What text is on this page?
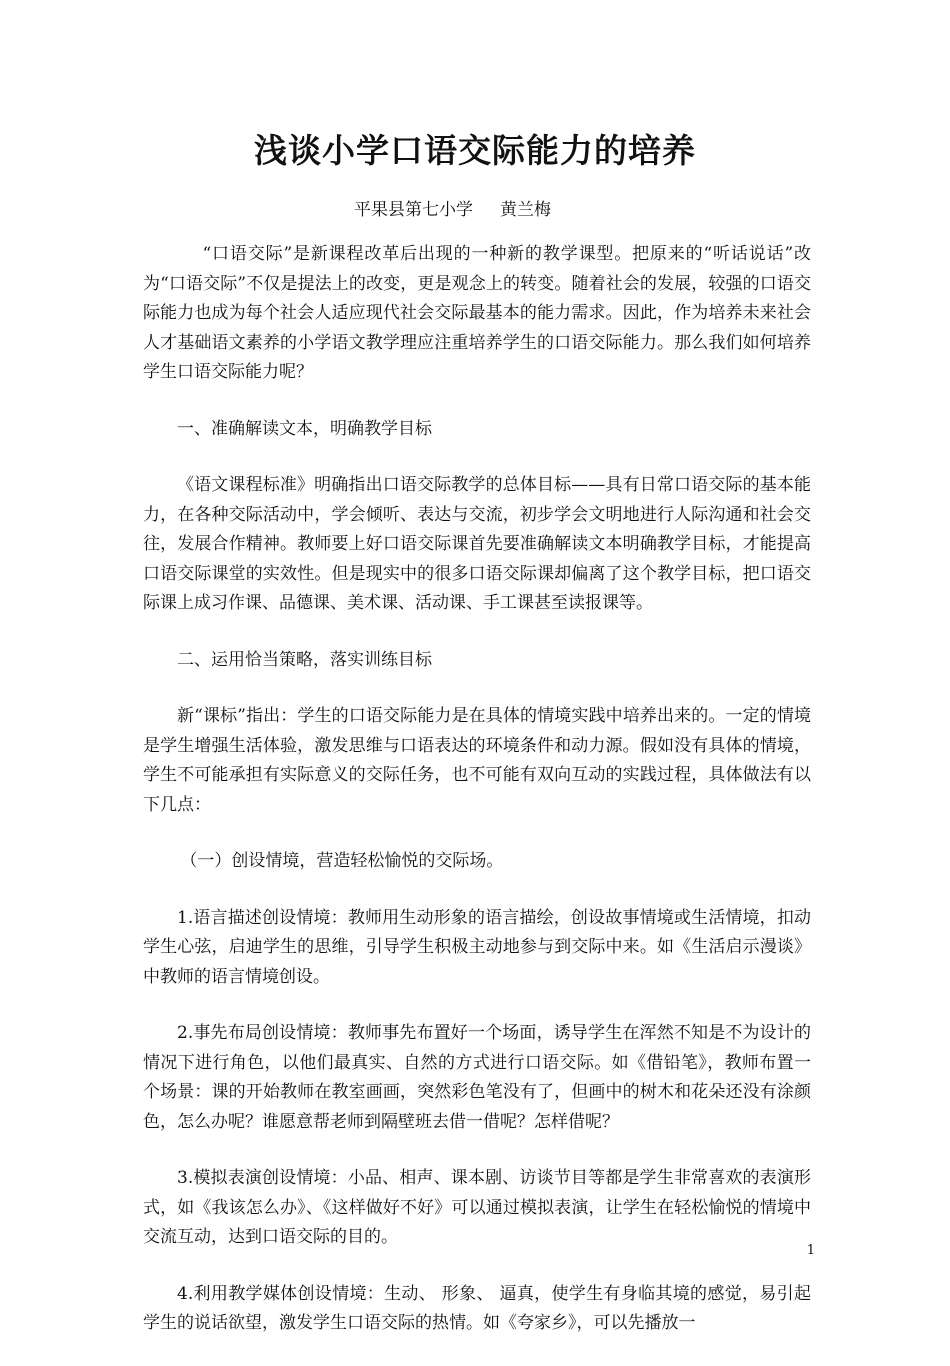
浅谈小学口语交际能力的培养
平果县第七小学     黄兰梅

“口语交际”是新课程改革后出现的一种新的教学课型。把原来的“听话说话”改为“口语交际”不仅是提法上的改变，更是观念上的转变。随着社会的发展，较强的口语交际能力也成为每个社会人适应现代社会交际最基本的能力需求。因此，作为培养未来社会人才基础语文素养的小学语文教学理应注重培养学生的口语交际能力。那么我们如何培养学生口语交际能力呢？

一、准确解读文本，明确教学目标

《语文课程标准》明确指出口语交际教学的总体目标——具有日常口语交际的基本能力，在各种交际活动中，学会倾听、表达与交流，初步学会文明地进行人际沟通和社会交往，发展合作精神。教师要上好口语交际课首先要准确解读文本明确教学目标，才能提高口语交际课堂的实效性。但是现实中的很多口语交际课却偏离了这个教学目标，把口语交际课上成习作课、品德课、美术课、活动课、手工课甚至读报课等。

二、运用恰当策略，落实训练目标

新“课标”指出：学生的口语交际能力是在具体的情境实践中培养出来的。一定的情境是学生增强生活体验，激发思维与口语表达的环境条件和动力源。假如没有具体的情境，学生不可能承担有实际意义的交际任务，也不可能有双向互动的实践过程，具体做法有以下几点：

（一）创设情境，营造轻松愉悦的交际场。

1.语言描述创设情境：教师用生动形象的语言描绘，创设故事情境或生活情境，扣动学生心弦，启迪学生的思维，引导学生积极主动地参与到交际中来。如《生活启示漫谈》中教师的语言情境创设。

2.事先布局创设情境：教师事先布置好一个场面，诱导学生在浑然不知是不为设计的情况下进行角色，以他们最真实、自然的方式进行口语交际。如《借铅笔》，教师布置一个场景：课的开始教师在教室画画，突然彩色笔没有了，但画中的树木和花朵还没有涂颜色，怎么办呢？谁愿意帮老师到隔壁班去借一借呢？怎样借呢？

3.模拟表演创设情境：小品、相声、课本剧、访谈节目等都是学生非常喜欢的表演形式，如《我该怎么办》、《这样做好不好》可以通过模拟表演，让学生在轻松愉悦的情境中交流互动，达到口语交际的目的。

4.利用教学媒体创设情境：生动、 形象、 逼真，使学生有身临其境的感觉，易引起学生的说话欲望，激发学生口语交际的热情。如《夸家乡》，可以先播放一

1
